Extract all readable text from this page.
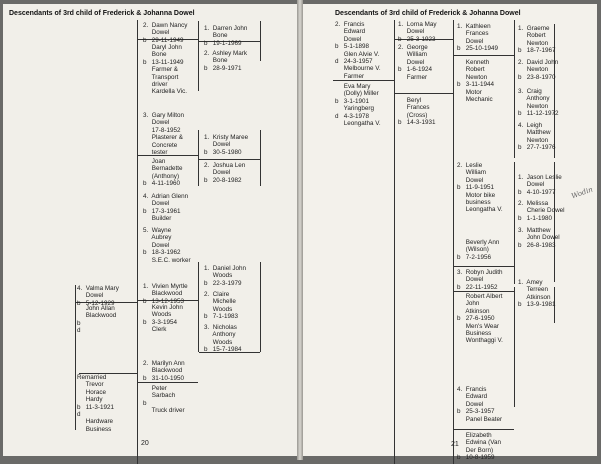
Descendants of 3rd child of Frederick & Johanna Dowel
2.  Dawn Nancy
Dowel
b   29-11-1949
1.  Darren John
Bone
b   19-1-1969
Daryl John
Bone
b   13-11-1949
Farmer &
Transport
driver
Kardella Vic.
2.  Ashley Mark
Bone
b   28-9-1971
3.  Gary Milton
Dowel
17-8-1952
Plasterer &
Concrete
tester
1.  Kristy Maree
Dowel
b   30-5-1980
Joan
Bernadette
(Anthony)
b   4-11-1960
2.  Joshua Len
Dowel
b   20-8-1982
4.  Adrian Glenn
Dowel
b   17-3-1961
Builder
5.  Wayne
Aubrey
Dowel
b   18-3-1962
S.E.C. worker
4.  Valma Mary
Dowel
b   5-12-1929
John Allan
Blackwood
b
d
1.  Vivien Myrtle
Blackwood
b   13-12-1953
Kevin John
Woods
b   3-3-1954
Clerk
1.  Daniel John
Woods
b   22-3-1979
2.  Claire
Michelle
Woods
b   7-1-1983
3.  Nicholas
Anthony
Woods
b   15-7-1984
2.  Marilyn Ann
Blackwood
b   31-10-1950
Peter
Sarbach
b
Truck driver
Remarried
Trevor
Horace
Hardy
b   11-3-1921
d
Hardware
Business
20
Descendants of 3rd child of Frederick & Johanna Dowel
2.  Francis
Edward
Dowel
b   5-1-1898
Glen Alvie V.
d   24-3-1957
Melbourne V.
Farmer
Eva Mary
(Dolly) Miller
b   3-1-1901
Yaringberg
d   4-3-1978
Leongatha V.
1.  Lorna May
Dowel
b   25-3-1923
2.  George
William
Dowel
b   1-6-1924
Farmer
Beryl
Frances
(Cross)
b   14-3-1931
1.  Kathleen
Frances
Dowel
b   25-10-1949
Kenneth
Robert
Newton
b   3-11-1944
Motor
Mechanic
1.  Graeme
Robert
Newton
b   18-7-1967
2.  David John
Newton
b   23-8-1970
3.  Craig
Anthony
Newton
b   11-12-1972
4.  Leigh
Matthew
Newton
b   27-7-1976
2.  Leslie
William
Dowel
b   11-9-1951
Motor bike
business
Leongatha V.
Beverly Ann
(Wilson)
b   7-2-1956
1.  Jason Leslie
Dowel
b   4-10-1977
2.  Melissa
Cherie Dowel
b   1-1-1980
3.  Matthew
John Dowel
b   26-8-1983
3.  Robyn Judith
Dowel
b   22-11-1952
Robert Albert
John
Atkinson
b   27-6-1950
Men's Wear
Business
Wonthaggi V.
1.  Amey
Terreen
Atkinson
b   13-9-1981
4.  Francis
Edward
Dowel
b   25-3-1957
Panel Beater
Elizabeth
Edwina (Van
Der Born)
b   10-8-1959
Wodin
21
